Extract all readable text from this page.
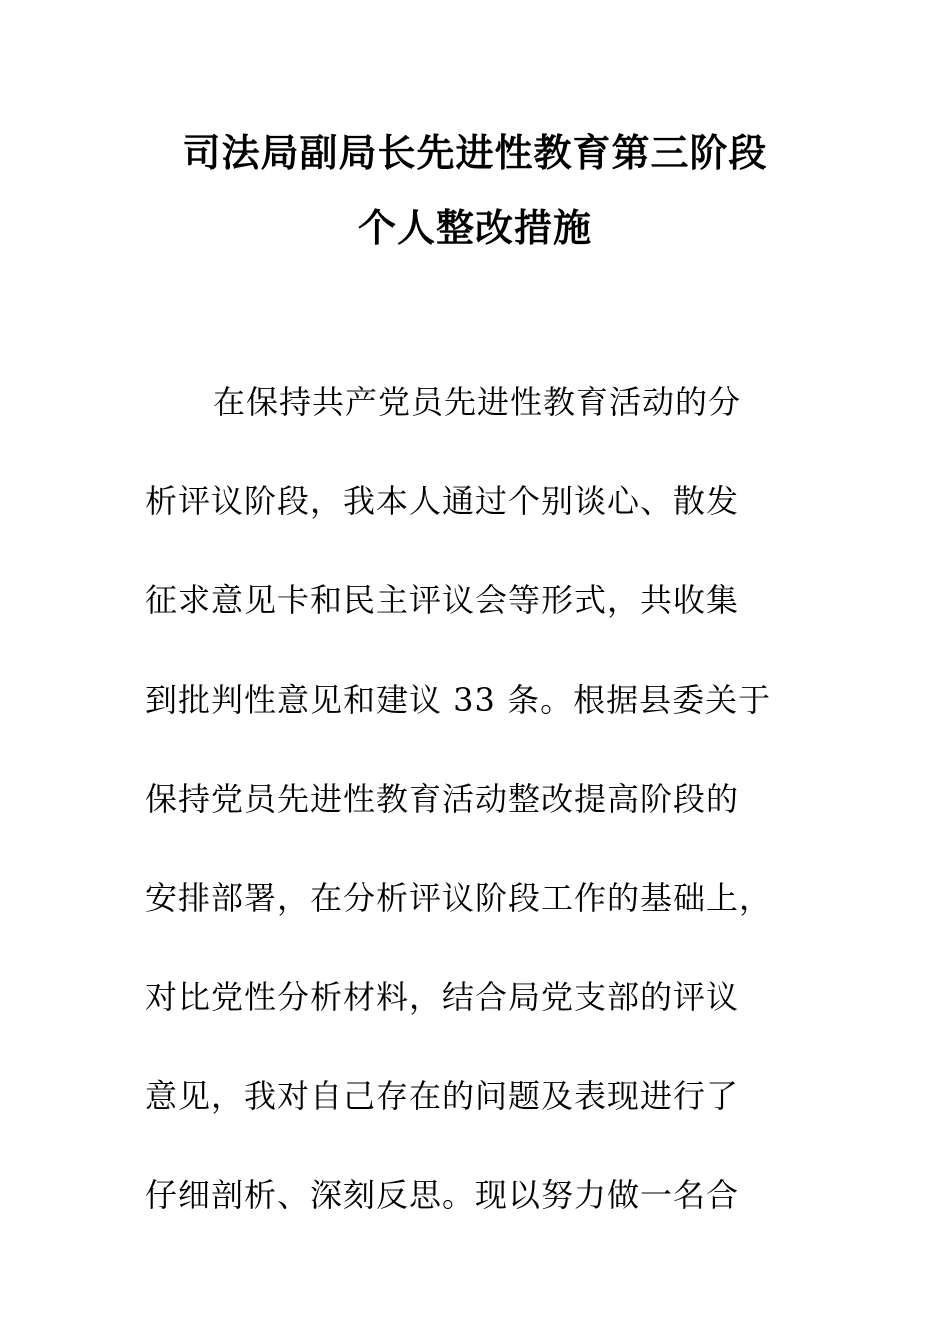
司法局副局长先进性教育第三阶段
个人整改措施
在保持共产党员先进性教育活动的分
析评议阶段，我本人通过个别谈心、散发
征求意见卡和民主评议会等形式，共收集
到批判性意见和建议 33 条。根据县委关于
保持党员先进性教育活动整改提高阶段的
安排部署，在分析评议阶段工作的基础上，
对比党性分析材料，结合局党支部的评议
意见，我对自己存在的问题及表现进行了
仔细剖析、深刻反思。现以努力做一名合
